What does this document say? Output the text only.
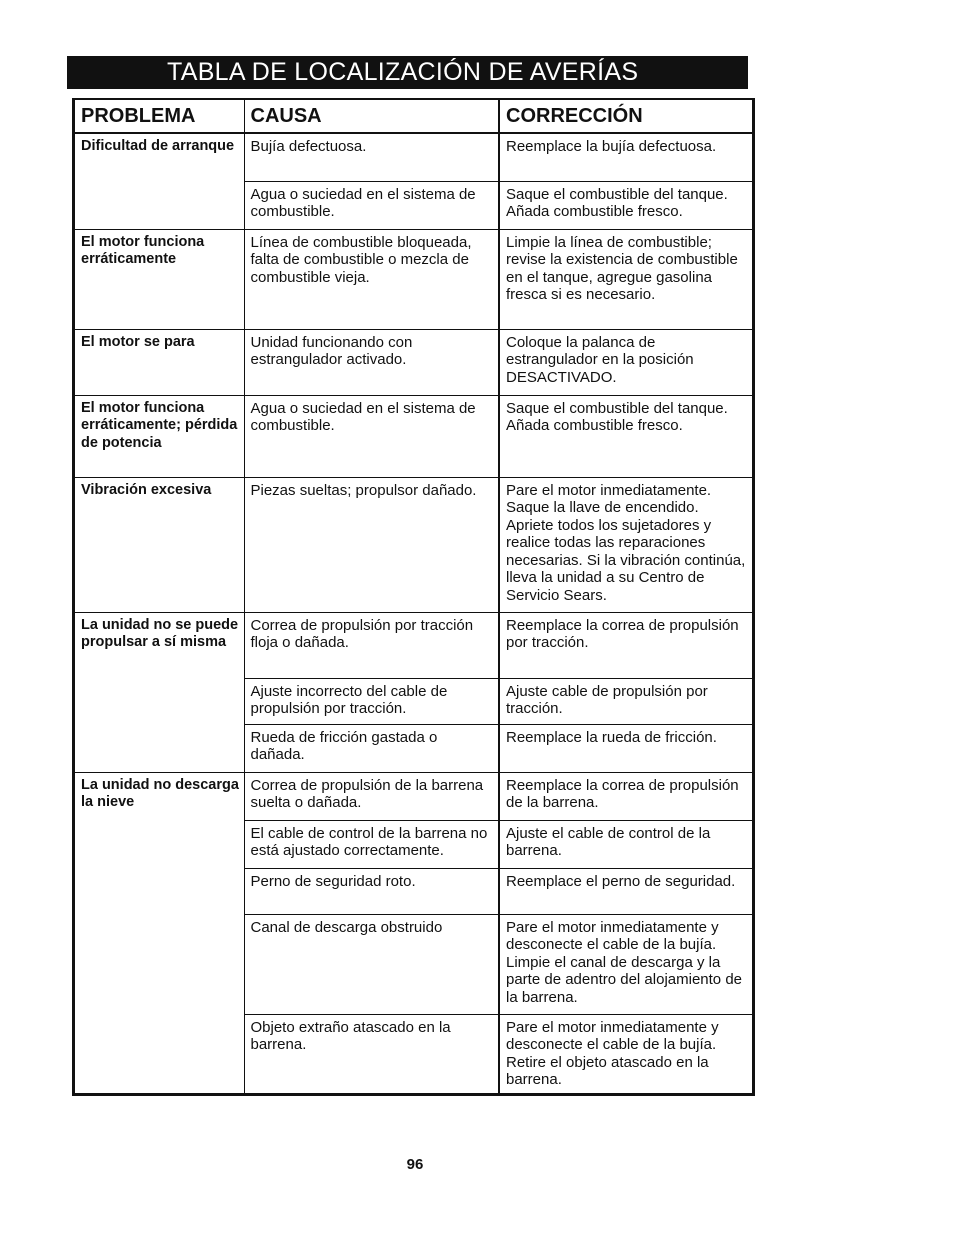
TABLA DE LOCALIZACIÓN DE AVERÍAS
PROBLEMA	CAUSA	CORRECCIÓN
Dificultad de arranque	Bujía defectuosa.	Reemplace la bujía defectuosa.
	Agua o suciedad en el sistema de combustible.	Saque el combustible del tanque. Añada combustible fresco.
El motor funciona erráticamente	Línea de combustible bloqueada, falta de combustible o mezcla de combustible vieja.	Limpie la línea de combustible; revise la existencia de combustible en el tanque, agregue gasolina fresca si es necesario.
El motor se para	Unidad funcionando con estrangulador activado.	Coloque la palanca de estrangulador en la posición DESACTIVADO.
El motor funciona erráticamente; pérdida de potencia	Agua o suciedad en el sistema de combustible.	Saque el combustible del tanque. Añada combustible fresco.
Vibración excesiva	Piezas sueltas; propulsor dañado.	Pare el motor inmediatamente. Saque la llave de encendido. Apriete todos los sujetadores y realice todas las reparaciones necesarias. Si la vibración continúa, lleva la unidad a su Centro de Servicio Sears.
La unidad no se puede propulsar a sí misma	Correa de propulsión por tracción floja o dañada.	Reemplace la correa de propulsión por tracción.
	Ajuste incorrecto del cable de propulsión por tracción.	Ajuste cable de propulsión por tracción.
	Rueda de fricción gastada o dañada.	Reemplace la rueda de fricción.
La unidad no descarga la nieve	Correa de propulsión de la barrena suelta o dañada.	Reemplace la correa de propulsión de la barrena.
	El cable de control de la barrena no está ajustado correctamente.	Ajuste el cable de control de la barrena.
	Perno de seguridad roto.	Reemplace el perno de seguridad.
	Canal de descarga obstruido	Pare el motor inmediatamente y desconecte el cable de la bujía. Limpie el canal de descarga y la parte de adentro del alojamiento de la barrena.
	Objeto extraño atascado en la barrena.	Pare el motor inmediatamente y desconecte el cable de la bujía. Retire el objeto atascado en la barrena.
96
